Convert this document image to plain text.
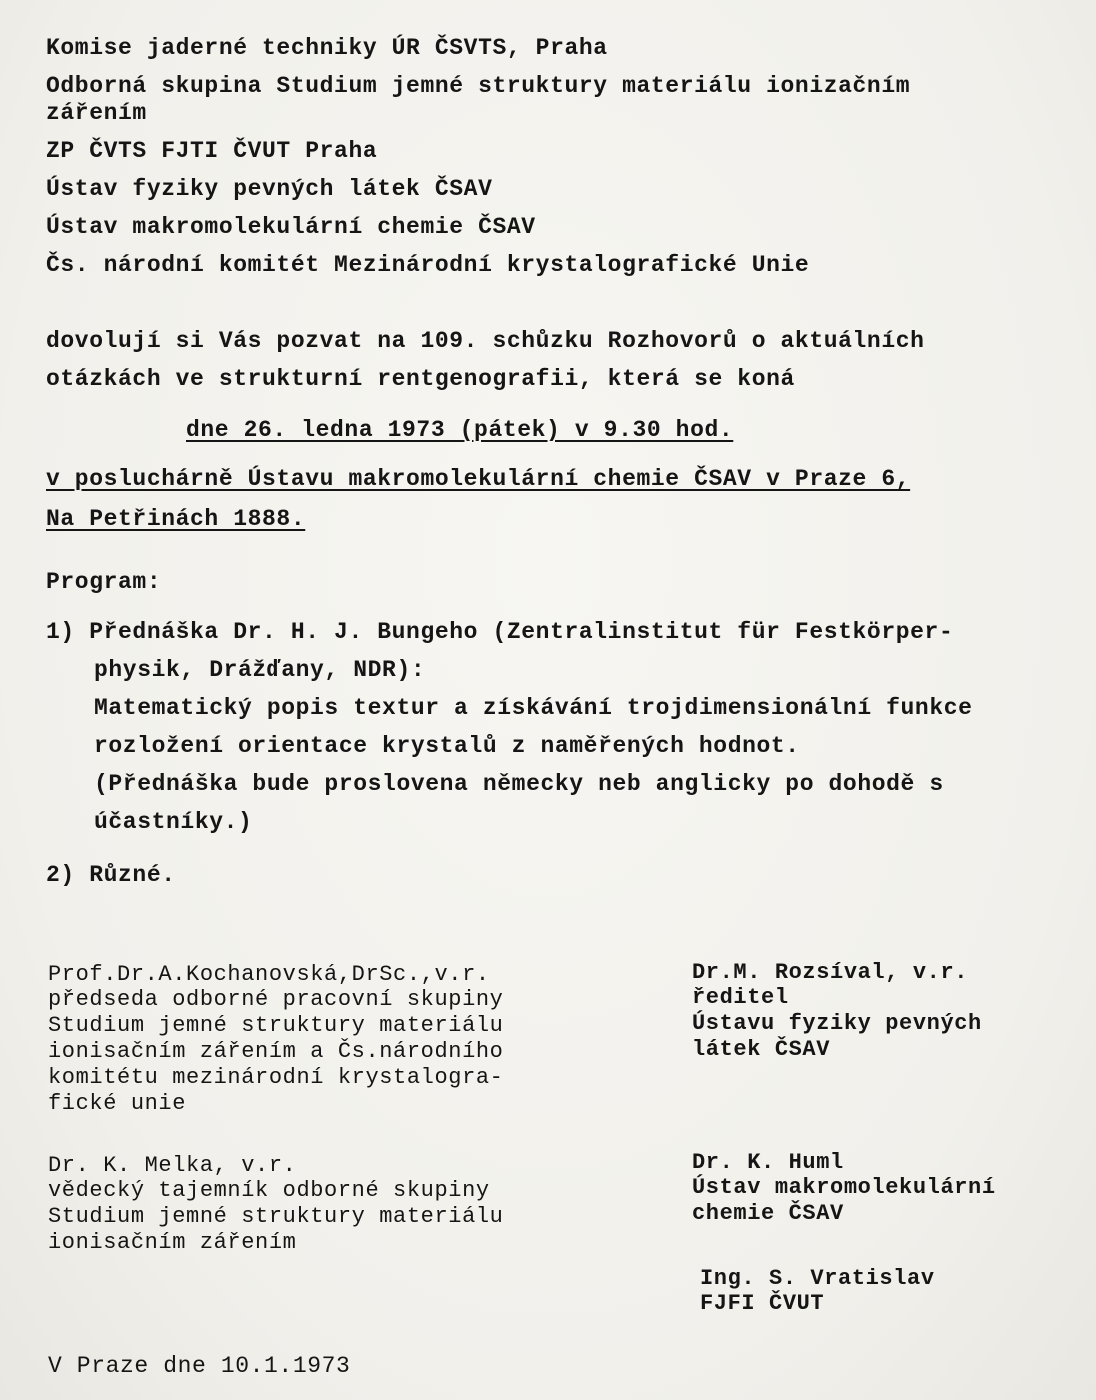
Komise jaderné techniky ÚR ČSVTS, Praha
Odborná skupina Studium jemné struktury materiálu ionizačním
zářením
ZP ČVTS FJTI ČVUT Praha
Ústav fyziky pevných látek ČSAV
Ústav makromolekulární chemie ČSAV
Čs. národní komitét Mezinárodní krystalografické Unie
dovolují si Vás pozvat na 109. schůzku Rozhovorů o aktuálních
otázkách ve strukturní rentgenografii, která se koná
dne 26. ledna 1973 (pátek) v 9.30 hod.
v posluchárně Ústavu makromolekulární chemie ČSAV v Praze 6,
Na Petřinách 1888.
Program:
1) Přednáška Dr. H. J. Bungeho (Zentralinstitut für Festkörper-
physik, Drážďany, NDR):
Matematický popis textur a získávání trojdimensionální funkce
rozložení orientace krystalů z naměřených hodnot.
(Přednáška bude proslovena německy neb anglicky po dohodě s
účastníky.)
2) Různé.
Prof.Dr.A.Kochanovská,DrSc.,v.r.
předseda odborné pracovní skupiny
Studium jemné struktury materiálu
ionisačním zářením a Čs.národního
komitétu mezinárodní krystalogra-
fické unie
Dr.M. Rozsíval, v.r.
ředitel
Ústavu fyziky pevných
látek ČSAV
Dr. K. Melka, v.r.
vědecký tajemník odborné skupiny
Studium jemné struktury materiálu
ionisačním zářením
Dr. K. Huml
Ústav makromolekulární
chemie ČSAV
Ing. S. Vratislav
FJFI ČVUT
V Praze dne 10.1.1973
